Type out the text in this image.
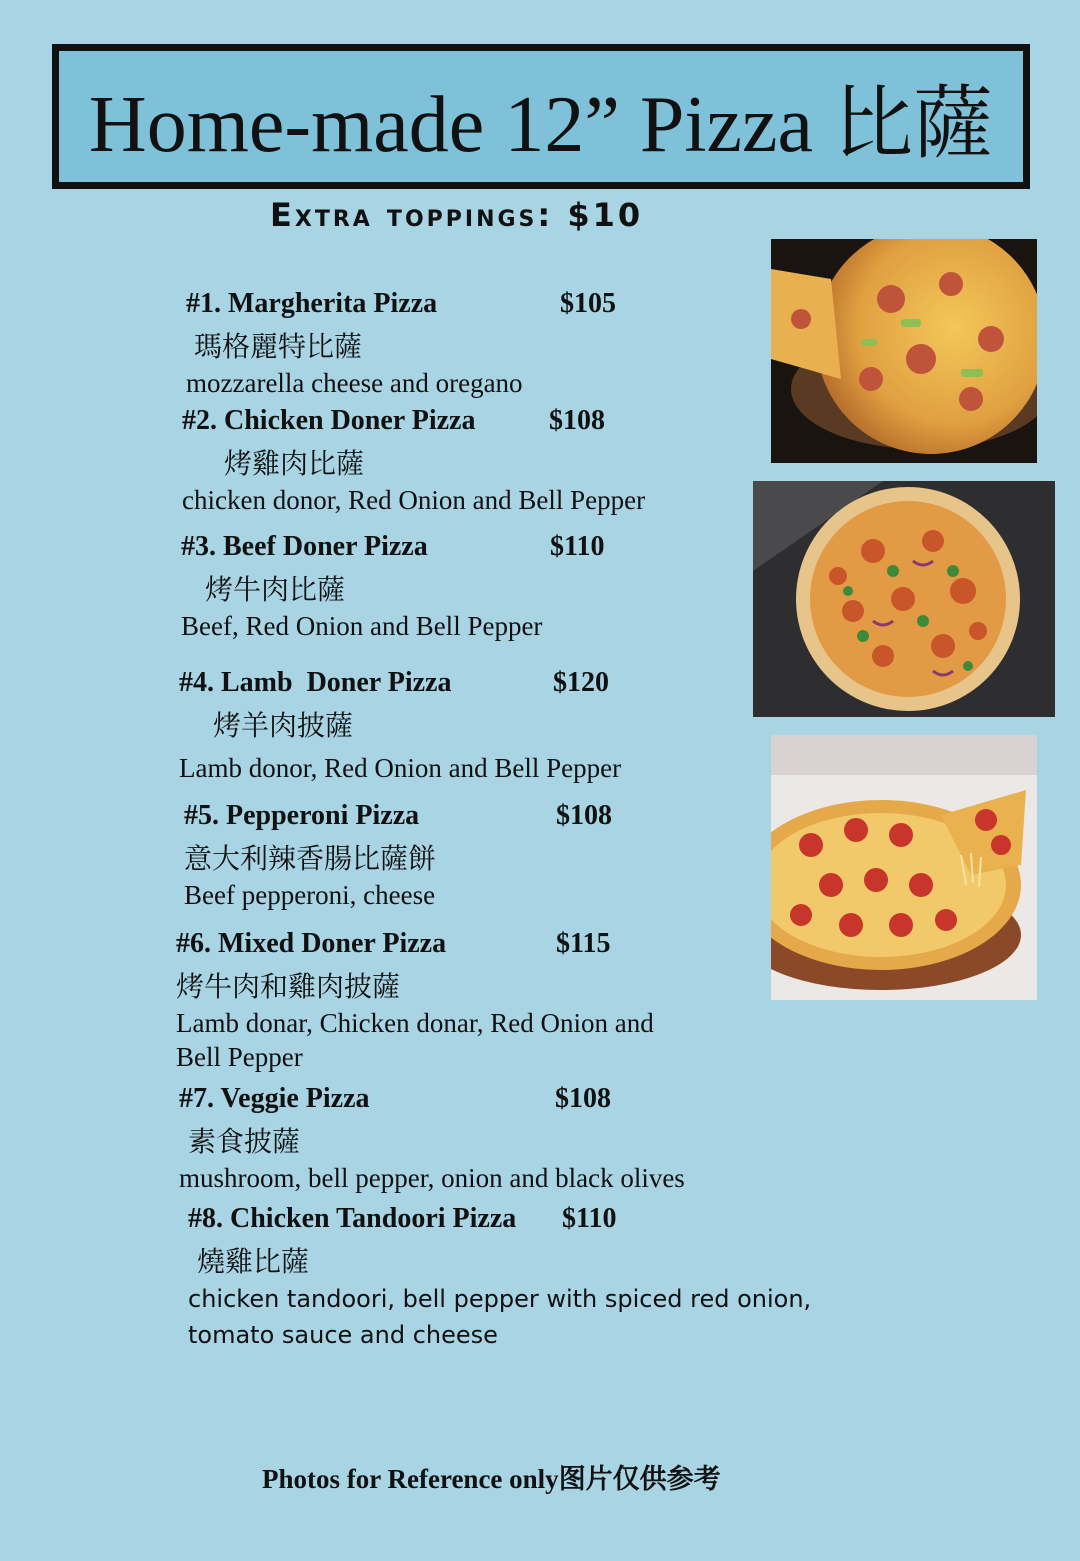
Home-made 12” Pizza 比薩
Extra toppings: $10
#1. Margherita Pizza	$105
瑪格麗特比薩
mozzarella cheese and oregano
#2. Chicken Doner Pizza	$108
烤雞肉比薩
chicken donor, Red Onion and Bell Pepper
#3. Beef Doner Pizza	$110
烤牛肉比薩
Beef, Red Onion and Bell Pepper
#4. Lamb  Doner Pizza	$120
烤羊肉披薩
Lamb donor, Red Onion and Bell Pepper
#5. Pepperoni Pizza	$108
意大利辣香腸比薩餅
Beef pepperoni, cheese
#6. Mixed Doner Pizza	$115
烤牛肉和雞肉披薩
Lamb donar, Chicken donar, Red Onion and
Bell Pepper
#7. Veggie Pizza	$108
素食披薩
mushroom, bell pepper, onion and black olives
#8. Chicken Tandoori Pizza $110
燒雞比薩
chicken tandoori, bell pepper with spiced red onion,
tomato sauce and cheese
Photos for Reference only图片仅供参考
